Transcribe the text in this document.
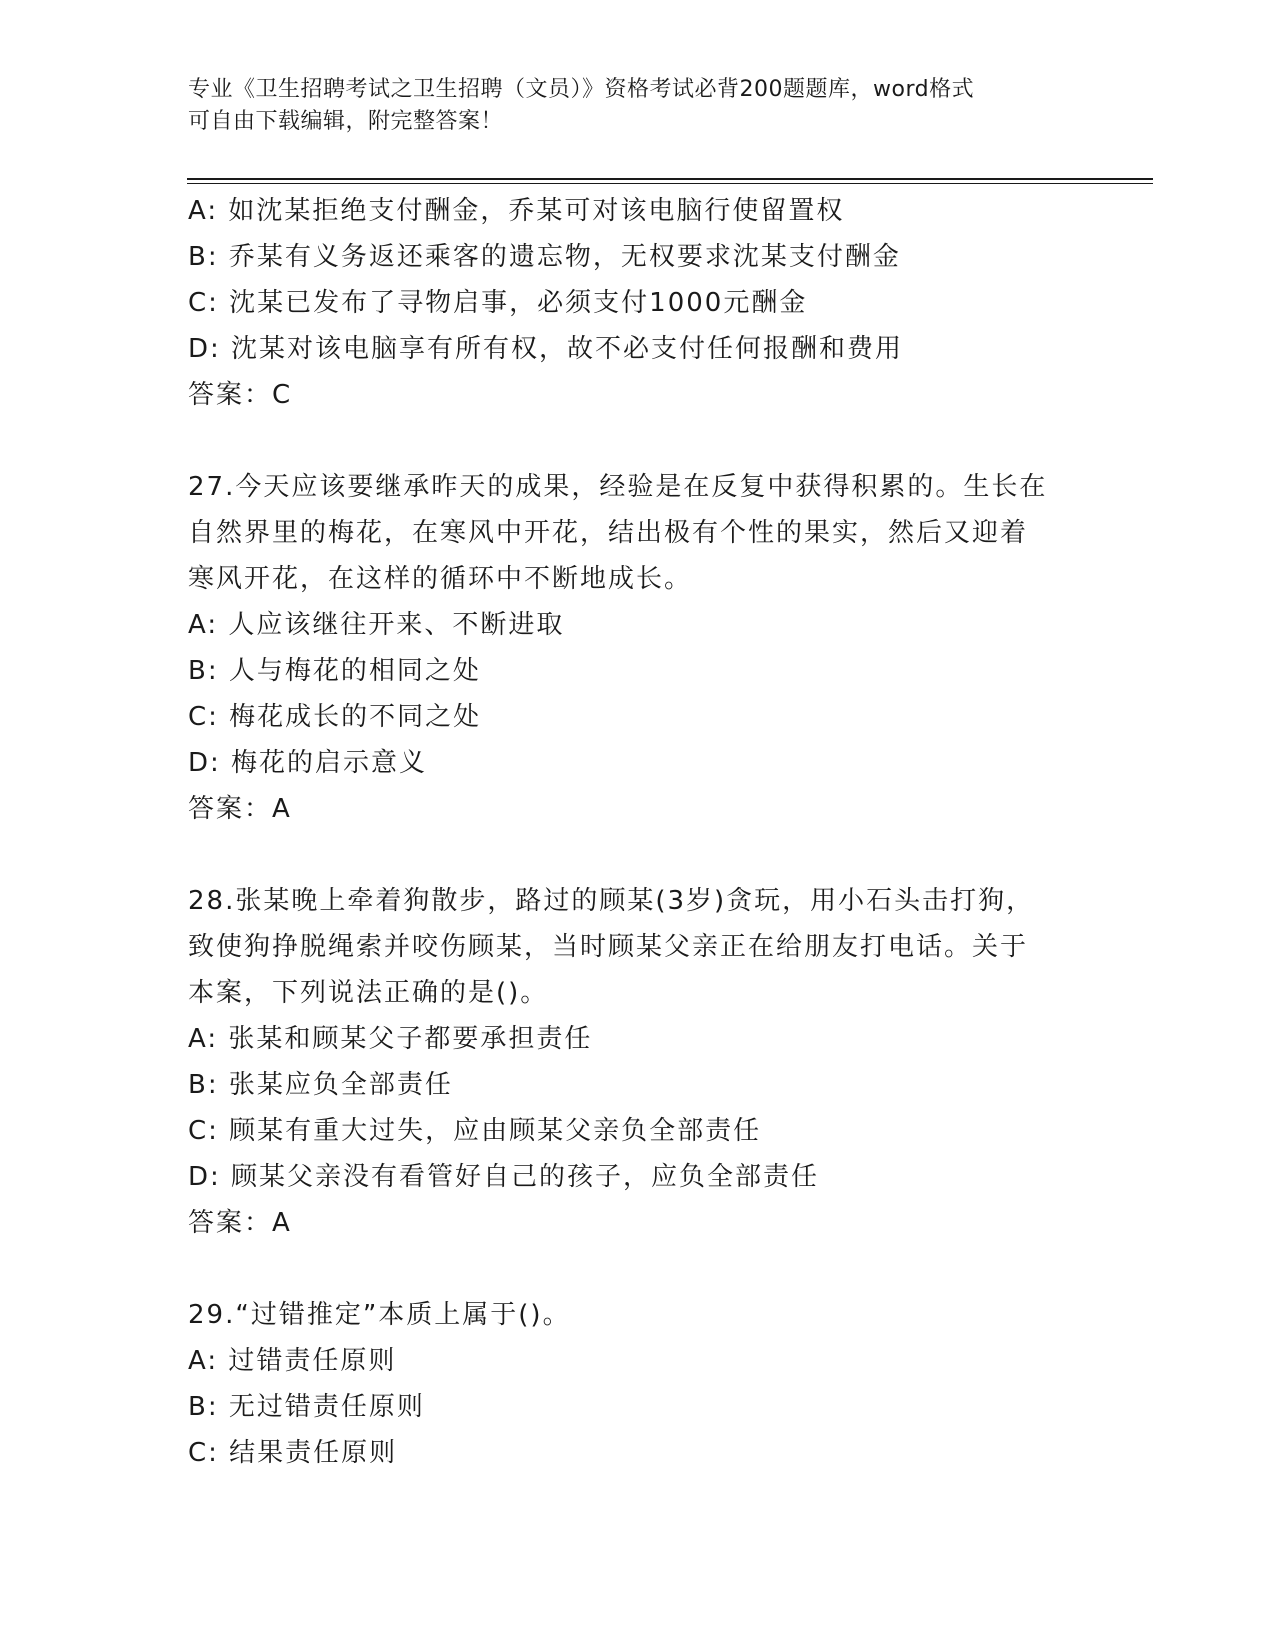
专业《卫生招聘考试之卫生招聘（文员）》资格考试必背200题题库，word格式
可自由下载编辑，附完整答案！
A: 如沈某拒绝支付酬金，乔某可对该电脑行使留置权
B: 乔某有义务返还乘客的遗忘物，无权要求沈某支付酬金
C: 沈某已发布了寻物启事，必须支付1000元酬金
D: 沈某对该电脑享有所有权，故不必支付任何报酬和费用
答案：C
27.今天应该要继承昨天的成果，经验是在反复中获得积累的。生长在
自然界里的梅花，在寒风中开花，结出极有个性的果实，然后又迎着
寒风开花，在这样的循环中不断地成长。
A: 人应该继往开来、不断进取
B: 人与梅花的相同之处
C: 梅花成长的不同之处
D: 梅花的启示意义
答案：A
28.张某晚上牵着狗散步，路过的顾某(3岁)贪玩，用小石头击打狗，
致使狗挣脱绳索并咬伤顾某，当时顾某父亲正在给朋友打电话。关于
本案，下列说法正确的是()。
A: 张某和顾某父子都要承担责任
B: 张某应负全部责任
C: 顾某有重大过失，应由顾某父亲负全部责任
D: 顾某父亲没有看管好自己的孩子，应负全部责任
答案：A
29.“过错推定”本质上属于()。
A: 过错责任原则
B: 无过错责任原则
C: 结果责任原则
